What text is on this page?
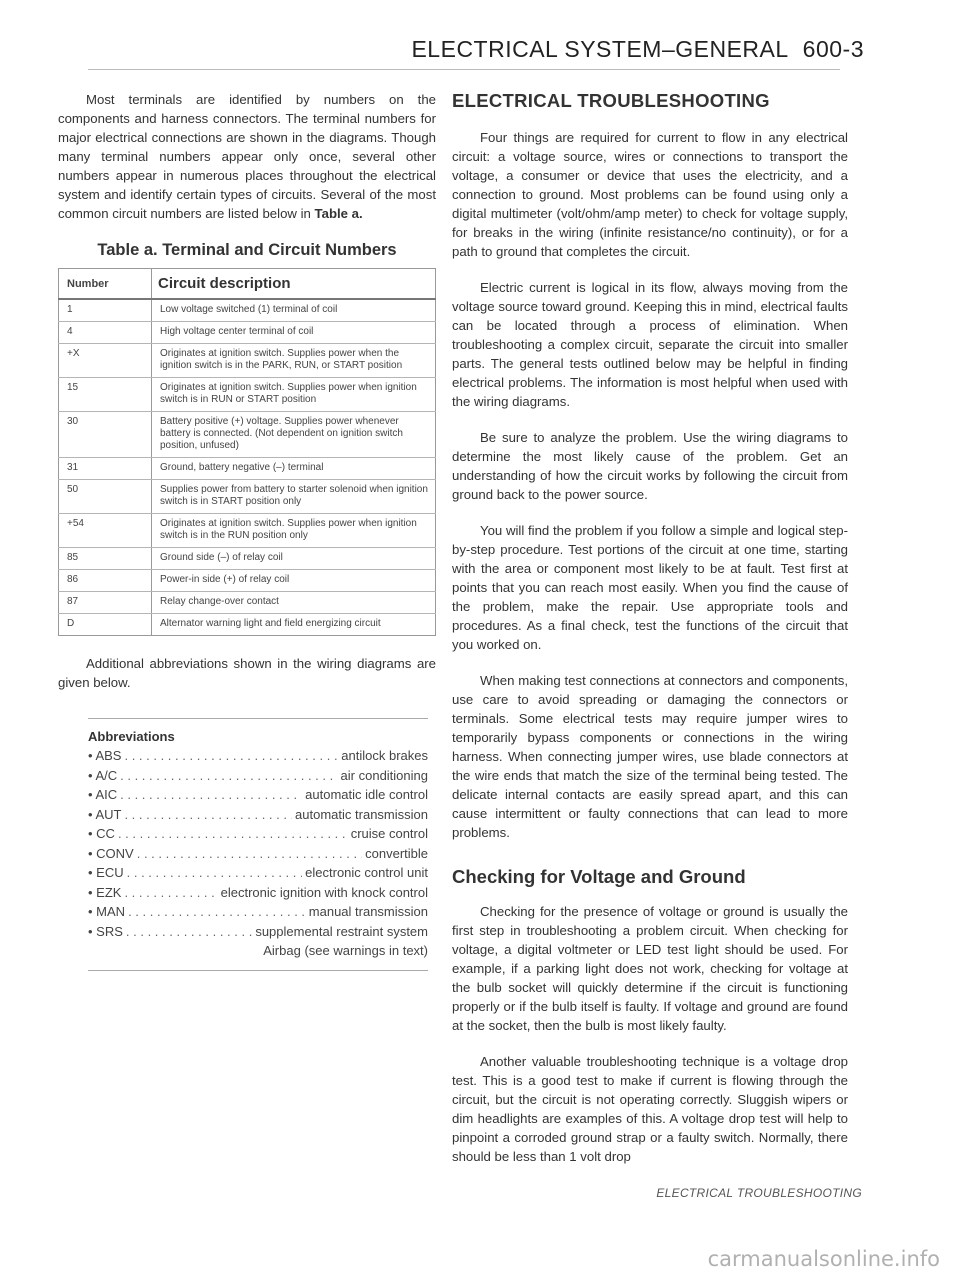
ELECTRICAL SYSTEM–GENERAL 600-3

Most terminals are identified by numbers on the components and harness connectors. The terminal numbers for major electrical connections are shown in the diagrams. Though many terminal numbers appear only once, several other numbers appear in numerous places throughout the electrical system and identify certain types of circuits. Several of the most common circuit numbers are listed below in Table a.

Table a. Terminal and Circuit Numbers
Number	Circuit description
1	Low voltage switched (1) terminal of coil
4	High voltage center terminal of coil
+X	Originates at ignition switch. Supplies power when the ignition switch is in the PARK, RUN, or START position
15	Originates at ignition switch. Supplies power when ignition switch is in RUN or START position
30	Battery positive (+) voltage. Supplies power whenever battery is connected. (Not dependent on ignition switch position, unfused)
31	Ground, battery negative (–) terminal
50	Supplies power from battery to starter solenoid when ignition switch is in START position only
+54	Originates at ignition switch. Supplies power when ignition switch is in the RUN position only
85	Ground side (–) of relay coil
86	Power-in side (+) of relay coil
87	Relay change-over contact
D	Alternator warning light and field energizing circuit

Additional abbreviations shown in the wiring diagrams are given below.

Abbreviations
• ABS . . .	antilock brakes
• A/C . . .	air conditioning
• AIC . . .	automatic idle control
• AUT . . .	automatic transmission
• CC . . .	cruise control
• CONV . . .	convertible
• ECU . . .	electronic control unit
• EZK . . .	electronic ignition with knock control
• MAN . . .	manual transmission
• SRS . . .	supplemental restraint system
Airbag (see warnings in text)
ELECTRICAL TROUBLESHOOTING

Four things are required for current to flow in any electrical circuit: a voltage source, wires or connections to transport the voltage, a consumer or device that uses the electricity, and a connection to ground. Most problems can be found using only a digital multimeter (volt/ohm/amp meter) to check for voltage supply, for breaks in the wiring (infinite resistance/no continuity), or for a path to ground that completes the circuit.

Electric current is logical in its flow, always moving from the voltage source toward ground. Keeping this in mind, electrical faults can be located through a process of elimination. When troubleshooting a complex circuit, separate the circuit into smaller parts. The general tests outlined below may be helpful in finding electrical problems. The information is most helpful when used with the wiring diagrams.

Be sure to analyze the problem. Use the wiring diagrams to determine the most likely cause of the problem. Get an understanding of how the circuit works by following the circuit from ground back to the power source.

You will find the problem if you follow a simple and logical step-by-step procedure. Test portions of the circuit at one time, starting with the area or component most likely to be at fault. Test first at points that you can reach most easily. When you find the cause of the problem, make the repair. Use appropriate tools and procedures. As a final check, test the functions of the circuit that you worked on.

When making test connections at connectors and components, use care to avoid spreading or damaging the connectors or terminals. Some electrical tests may require jumper wires to temporarily bypass components or connections in the wiring harness. When connecting jumper wires, use blade connectors at the wire ends that match the size of the terminal being tested. The delicate internal contacts are easily spread apart, and this can cause intermittent or faulty connections that can lead to more problems.

Checking for Voltage and Ground

Checking for the presence of voltage or ground is usually the first step in troubleshooting a problem circuit. When checking for voltage, a digital voltmeter or LED test light should be used. For example, if a parking light does not work, checking for voltage at the bulb socket will quickly determine if the circuit is functioning properly or if the bulb itself is faulty. If voltage and ground are found at the socket, then the bulb is most likely faulty.

Another valuable troubleshooting technique is a voltage drop test. This is a good test to make if current is flowing through the circuit, but the circuit is not operating correctly. Sluggish wipers or dim headlights are examples of this. A voltage drop test will help to pinpoint a corroded ground strap or a faulty switch. Normally, there should be less than 1 volt drop

ELECTRICAL TROUBLESHOOTING
carmanualsonline.info
